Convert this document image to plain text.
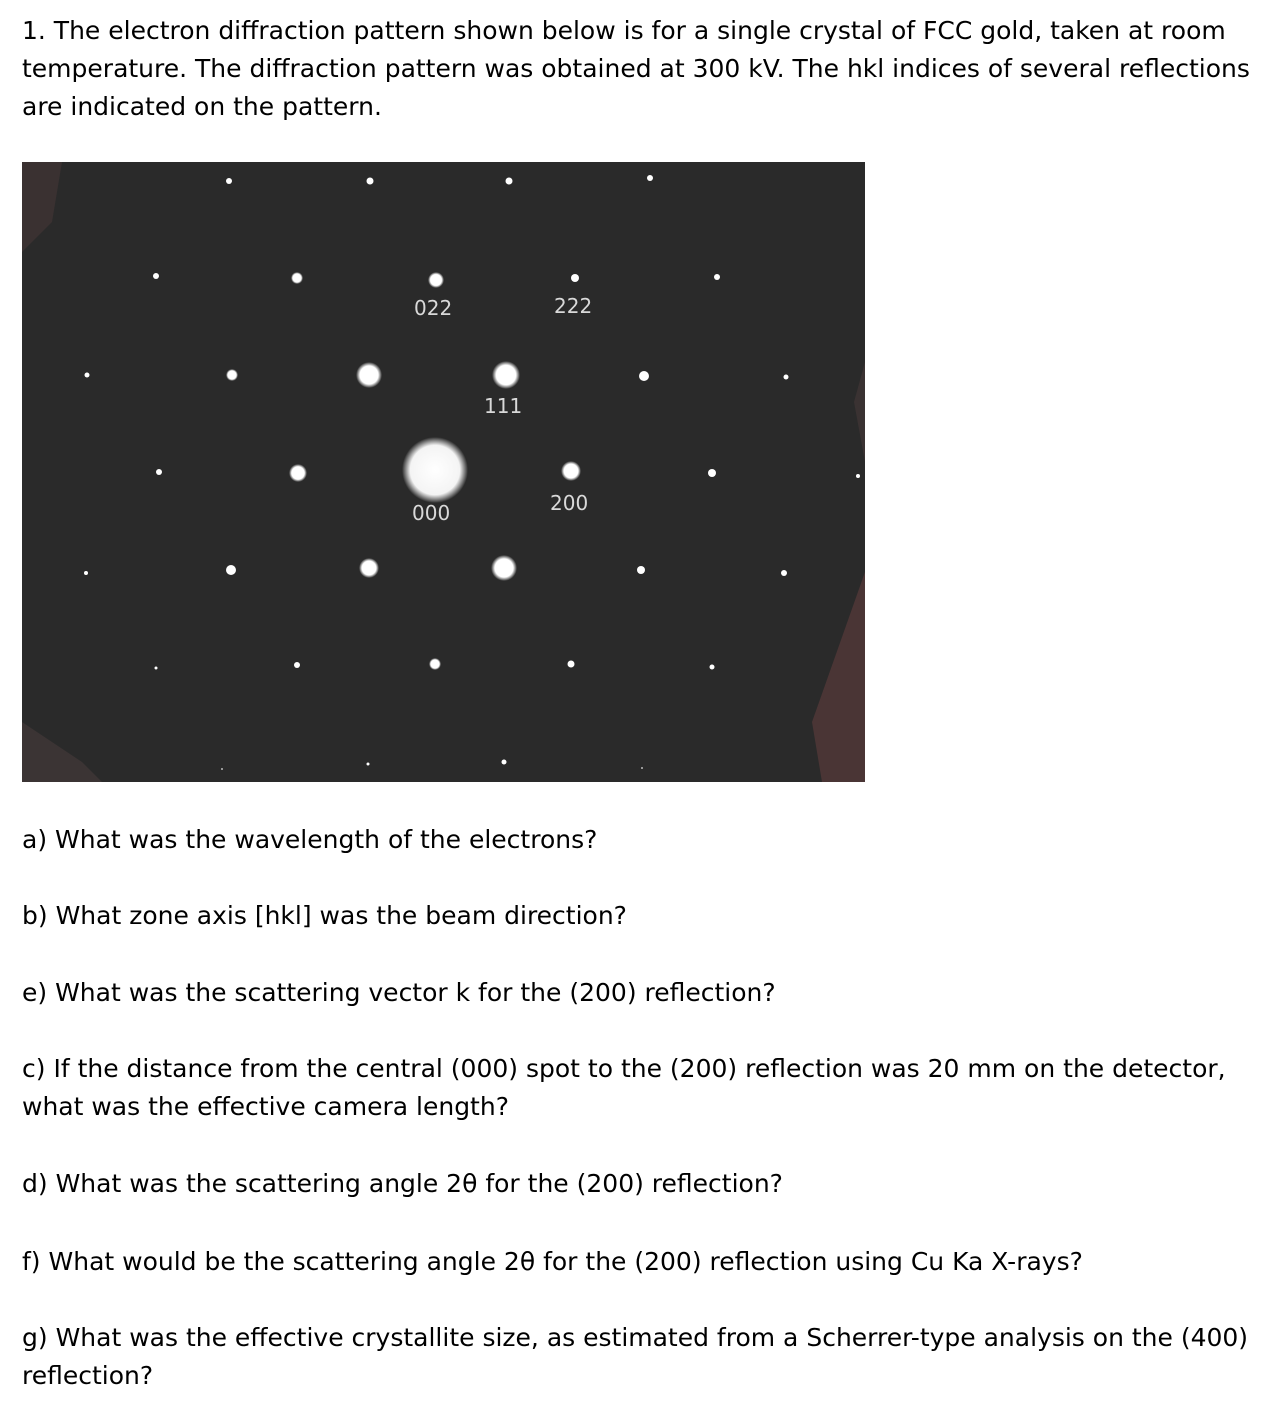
1. The electron diffraction pattern shown below is for a single crystal of FCC gold, taken at room temperature. The diffraction pattern was obtained at 300 kV. The hkl indices of several reflections are indicated on the pattern.

022	222
111
000	200

a) What was the wavelength of the electrons?

b) What zone axis [hkl] was the beam direction?

e) What was the scattering vector k for the (200) reflection?

c) If the distance from the central (000) spot to the (200) reflection was 20 mm on the detector, what was the effective camera length?

d) What was the scattering angle 2θ for the (200) reflection?

f) What would be the scattering angle 2θ for the (200) reflection using Cu Ka X-rays?

g) What was the effective crystallite size, as estimated from a Scherrer-type analysis on the (400) reflection?
